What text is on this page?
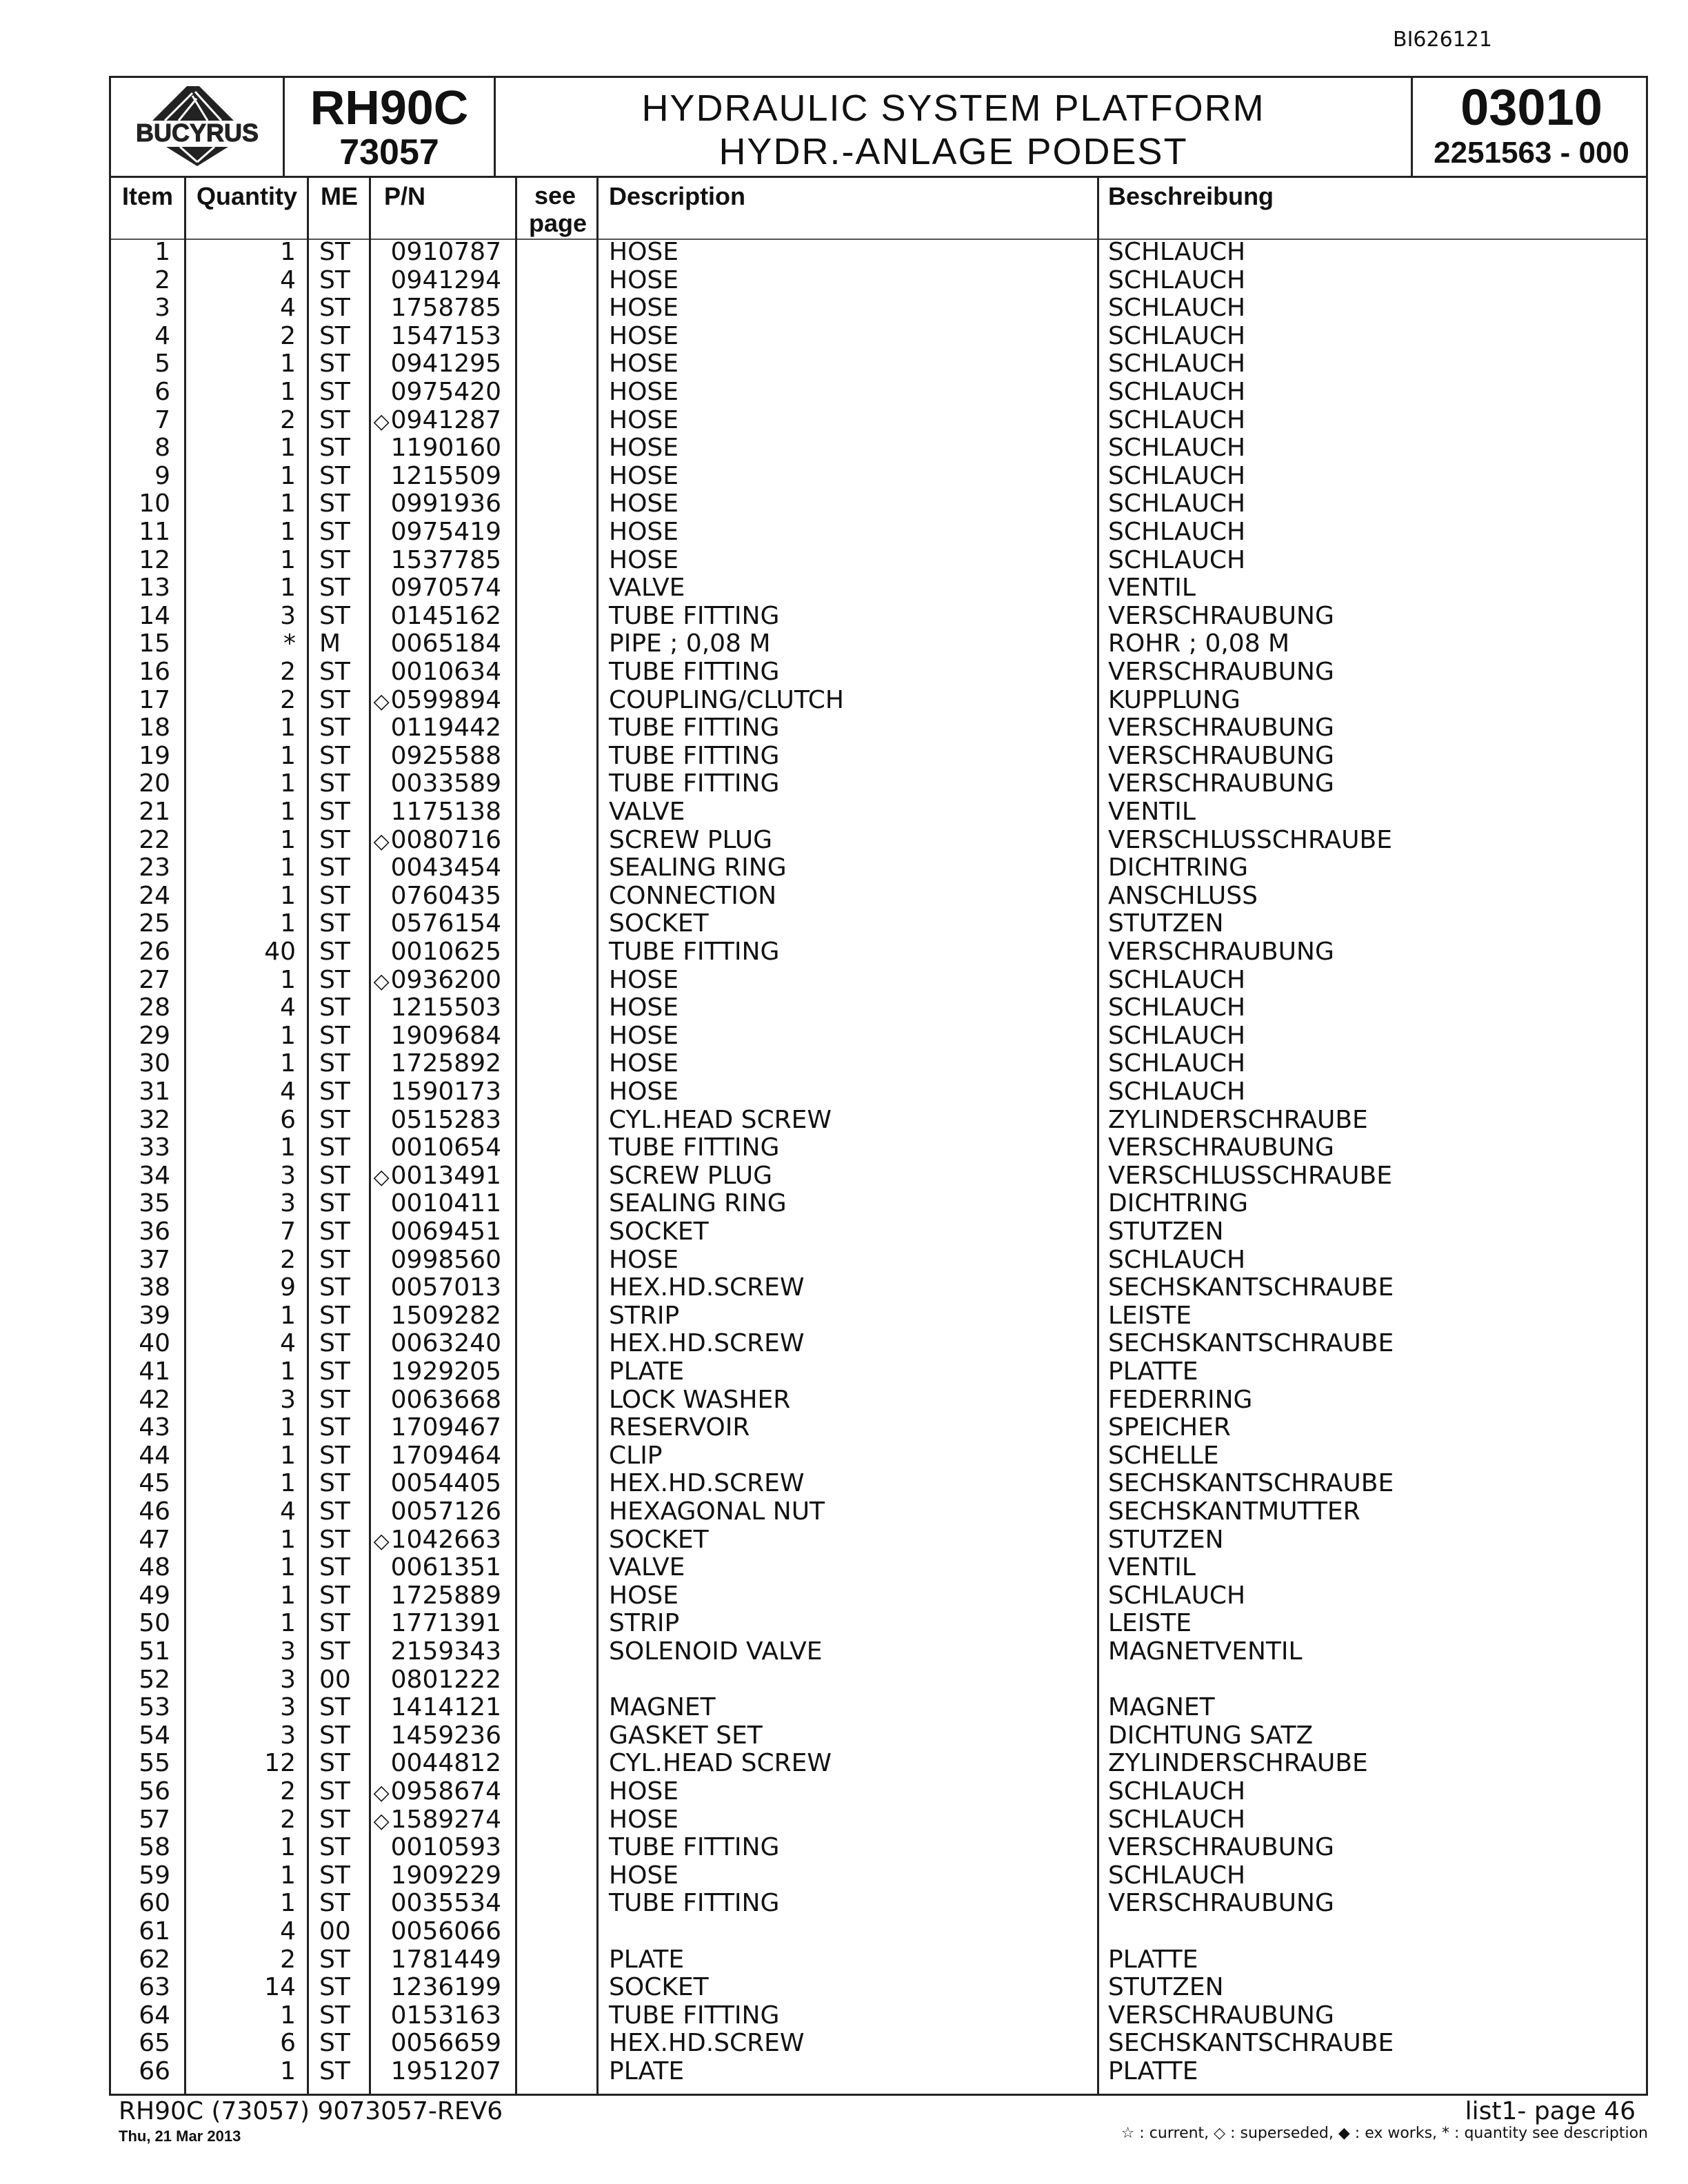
BI626121
BUCYRUS	RH90C
73057
HYDRAULIC SYSTEM PLATFORM
HYDR.-ANLAGE PODEST
03010
2251563 - 000
Item Quantity ME P/N	see
page
Description	Beschreibung
1	1 ST 0910787	HOSE	SCHLAUCH
2	4 ST 0941294	HOSE	SCHLAUCH
3	4 ST 1758785	HOSE	SCHLAUCH
4	2 ST 1547153	HOSE	SCHLAUCH
5	1 ST 0941295	HOSE	SCHLAUCH
6	1 ST 0975420	HOSE	SCHLAUCH
7	2 ST ◇0941287	HOSE	SCHLAUCH
8	1 ST 1190160	HOSE	SCHLAUCH
9	1 ST 1215509	HOSE	SCHLAUCH
10	1 ST 0991936	HOSE	SCHLAUCH
11	1 ST 0975419	HOSE	SCHLAUCH
12	1 ST 1537785	HOSE	SCHLAUCH
13	1 ST 0970574	VALVE	VENTIL
14	3 ST 0145162	TUBE FITTING	VERSCHRAUBUNG
15	* M 0065184	PIPE ; 0,08 M	ROHR ; 0,08 M
16	2 ST 0010634	TUBE FITTING	VERSCHRAUBUNG
17	2 ST ◇0599894	COUPLING/CLUTCH	KUPPLUNG
18	1 ST 0119442	TUBE FITTING	VERSCHRAUBUNG
19	1 ST 0925588	TUBE FITTING	VERSCHRAUBUNG
20	1 ST 0033589	TUBE FITTING	VERSCHRAUBUNG
21	1 ST 1175138	VALVE	VENTIL
22	1 ST ◇0080716	SCREW PLUG	VERSCHLUSSCHRAUBE
23	1 ST 0043454	SEALING RING	DICHTRING
24	1 ST 0760435	CONNECTION	ANSCHLUSS
25	1 ST 0576154	SOCKET	STUTZEN
26	40 ST 0010625	TUBE FITTING	VERSCHRAUBUNG
27	1 ST ◇0936200	HOSE	SCHLAUCH
28	4 ST 1215503	HOSE	SCHLAUCH
29	1 ST 1909684	HOSE	SCHLAUCH
30	1 ST 1725892	HOSE	SCHLAUCH
31	4 ST 1590173	HOSE	SCHLAUCH
32	6 ST 0515283	CYL.HEAD SCREW	ZYLINDERSCHRAUBE
33	1 ST 0010654	TUBE FITTING	VERSCHRAUBUNG
34	3 ST ◇0013491	SCREW PLUG	VERSCHLUSSCHRAUBE
35	3 ST 0010411	SEALING RING	DICHTRING
36	7 ST 0069451	SOCKET	STUTZEN
37	2 ST 0998560	HOSE	SCHLAUCH
38	9 ST 0057013	HEX.HD.SCREW	SECHSKANTSCHRAUBE
39	1 ST 1509282	STRIP	LEISTE
40	4 ST 0063240	HEX.HD.SCREW	SECHSKANTSCHRAUBE
41	1 ST 1929205	PLATE	PLATTE
42	3 ST 0063668	LOCK WASHER	FEDERRING
43	1 ST 1709467	RESERVOIR	SPEICHER
44	1 ST 1709464	CLIP	SCHELLE
45	1 ST 0054405	HEX.HD.SCREW	SECHSKANTSCHRAUBE
46	4 ST 0057126	HEXAGONAL NUT	SECHSKANTMUTTER
47	1 ST ◇1042663	SOCKET	STUTZEN
48	1 ST 0061351	VALVE	VENTIL
49	1 ST 1725889	HOSE	SCHLAUCH
50	1 ST 1771391	STRIP	LEISTE
51	3 ST 2159343	SOLENOID VALVE	MAGNETVENTIL
52	3 00 0801222
53	3 ST 1414121	MAGNET	MAGNET
54	3 ST 1459236	GASKET SET	DICHTUNG SATZ
55	12 ST 0044812	CYL.HEAD SCREW	ZYLINDERSCHRAUBE
56	2 ST ◇0958674	HOSE	SCHLAUCH
57	2 ST ◇1589274	HOSE	SCHLAUCH
58	1 ST 0010593	TUBE FITTING	VERSCHRAUBUNG
59	1 ST 1909229	HOSE	SCHLAUCH
60	1 ST 0035534	TUBE FITTING	VERSCHRAUBUNG
61	4 00 0056066
62	2 ST 1781449	PLATE	PLATTE
63	14 ST 1236199	SOCKET	STUTZEN
64	1 ST 0153163	TUBE FITTING	VERSCHRAUBUNG
65	6 ST 0056659	HEX.HD.SCREW	SECHSKANTSCHRAUBE
66	1 ST 1951207	PLATE	PLATTE
RH90C (73057) 9073057-REV6
Thu, 21 Mar 2013
list1- page 46
☆ : current, ◇ : superseded, ◆ : ex works, * : quantity see description
